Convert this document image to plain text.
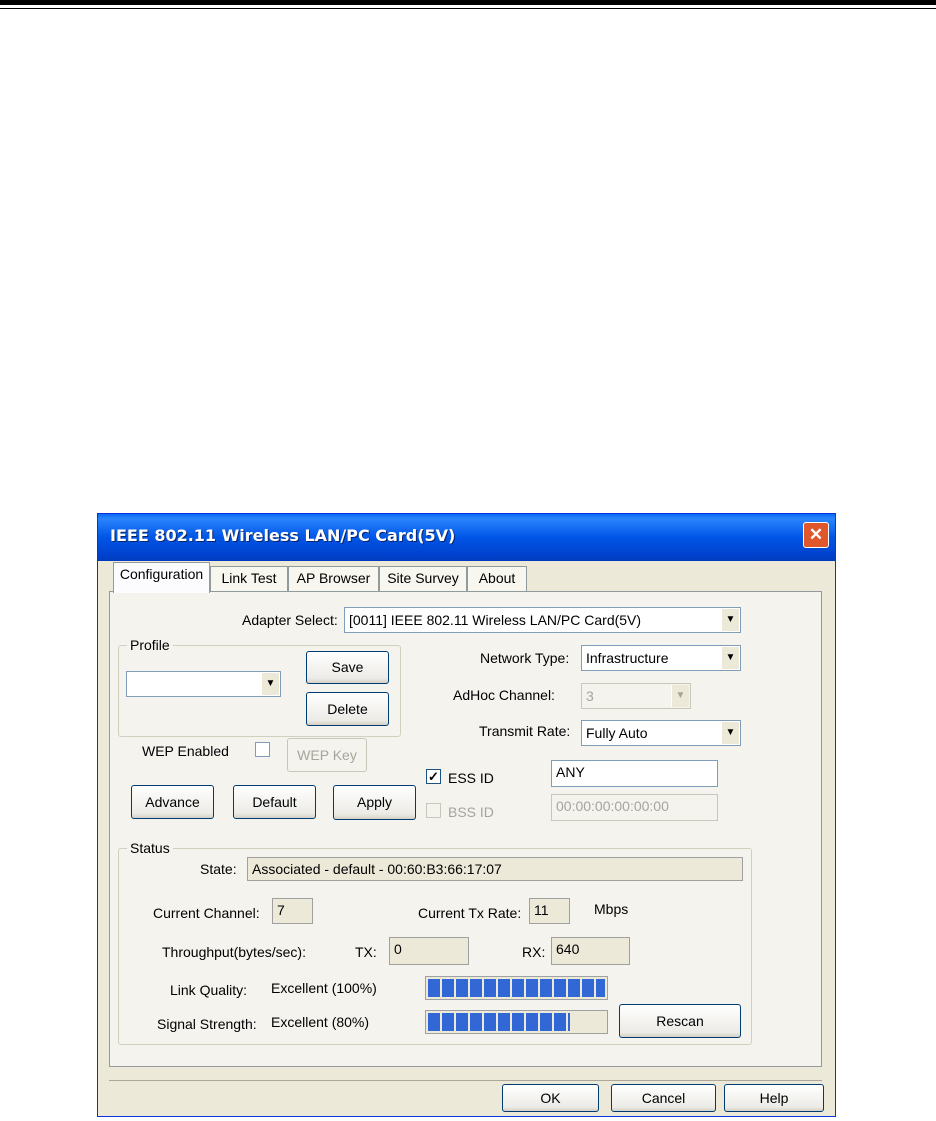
IEEE 802.11 Wireless LAN/PC Card(5V)	✕
Configuration	Link Test	AP Browser	Site Survey	About
Adapter Select: [0011] IEEE 802.11 Wireless LAN/PC Card(5V)	▼
Profile
▼
Save
Delete
Network Type: Infrastructure	▼
AdHoc Channel: 3	▼
Transmit Rate: Fully Auto	▼
WEP Enabled	WEP Key
✓ ESS ID	ANY
BSS ID	00:00:00:00:00:00
Advance	Default	Apply
Status
State:	Associated - default - 00:60:B3:66:17:07
Current Channel:	7	Current Tx Rate: 11	Mbps
Throughput(bytes/sec):	TX:	0	RX: 640
Link Quality: Excellent (100%)
Signal Strength: Excellent (80%)	Rescan
OK	Cancel	Help
